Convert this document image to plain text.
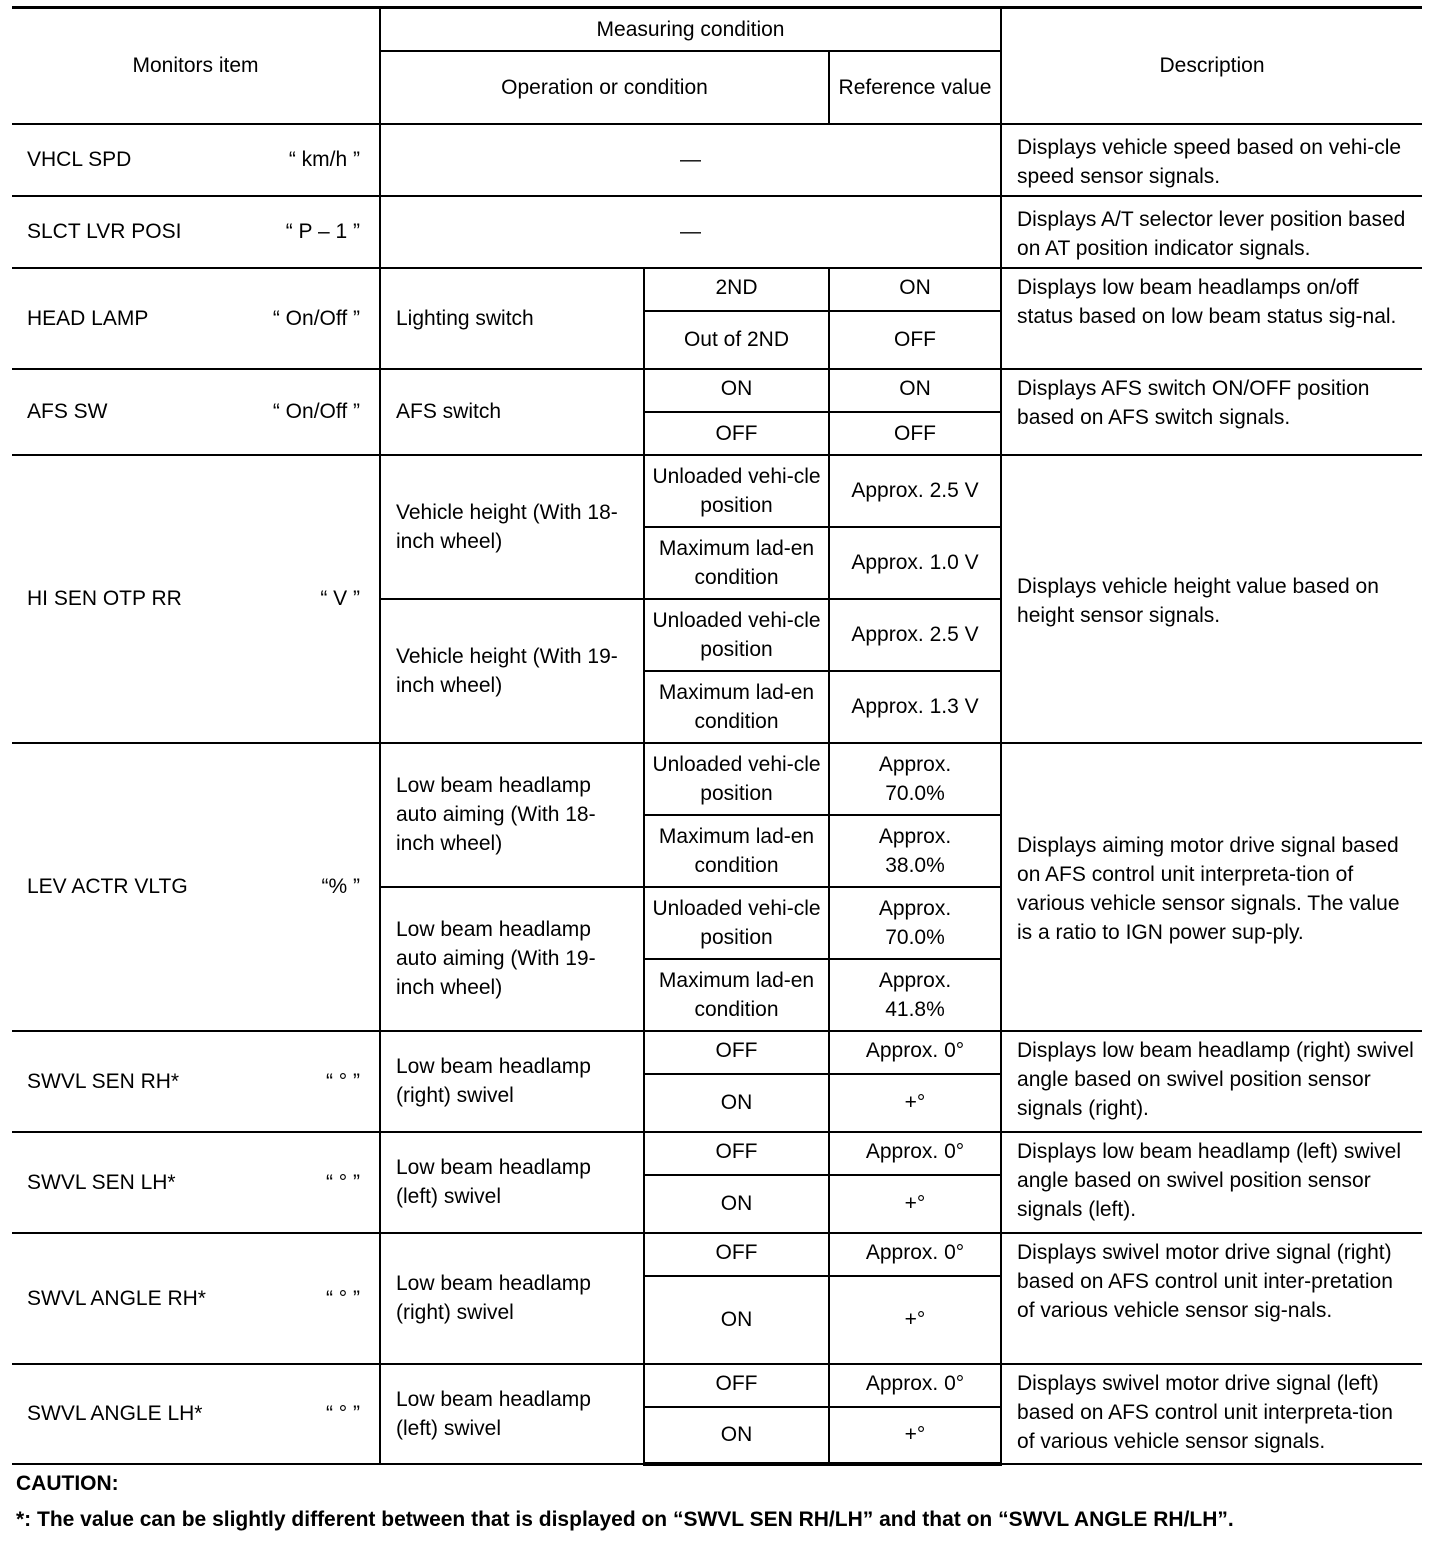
Monitors item	Measuring condition			Description
	Operation or condition		Reference value	

VHCL SPD “ km/h ”	—			Displays vehicle speed based on vehi-cle speed sensor signals.

SLCT LVR POSI “ P – 1 ”	—			Displays A/T selector lever position based on AT position indicator signals.

HEAD LAMP “ On/Off ”	Lighting switch	2ND	ON	Displays low beam headlamps on/off status based on low beam status sig-nal.
		Out of 2ND	OFF	

AFS SW “ On/Off ”	AFS switch	ON	ON	Displays AFS switch ON/OFF position based on AFS switch signals.
		OFF	OFF	

HI SEN OTP RR “ V ”	Vehicle height (With 18-inch wheel)	Unloaded vehi-cle position	Approx. 2.5 V	Displays vehicle height value based on height sensor signals.
		Maximum lad-en condition	Approx. 1.0 V	
	Vehicle height (With 19-inch wheel)	Unloaded vehi-cle position	Approx. 2.5 V	
		Maximum lad-en condition	Approx. 1.3 V	

LEV ACTR VLTG “% ”	Low beam headlamp auto aiming (With 18-inch wheel)	Unloaded vehi-cle position	Approx. 70.0%	Displays aiming motor drive signal based on AFS control unit interpreta-tion of various vehicle sensor signals. The value is a ratio to IGN power sup-ply.
		Maximum lad-en condition	Approx. 38.0%	
	Low beam headlamp auto aiming (With 19-inch wheel)	Unloaded vehi-cle position	Approx. 70.0%	
		Maximum lad-en condition	Approx. 41.8%	

SWVL SEN RH* “ ° ”	Low beam headlamp (right) swivel	OFF	Approx. 0°	Displays low beam headlamp (right) swivel angle based on swivel position sensor signals (right).
		ON	+°	

SWVL SEN LH* “ ° ”	Low beam headlamp (left) swivel	OFF	Approx. 0°	Displays low beam headlamp (left) swivel angle based on swivel position sensor signals (left).
		ON	+°	

SWVL ANGLE RH* “ ° ”	Low beam headlamp (right) swivel	OFF	Approx. 0°	Displays swivel motor drive signal (right) based on AFS control unit inter-pretation of various vehicle sensor sig-nals.
		ON	+°	

SWVL ANGLE LH* “ ° ”	Low beam headlamp (left) swivel	OFF	Approx. 0°	Displays swivel motor drive signal (left) based on AFS control unit interpreta-tion of various vehicle sensor signals.
		ON	+°	
CAUTION:
*: The value can be slightly different between that is displayed on “SWVL SEN RH/LH” and that on “SWVL ANGLE RH/LH”.
